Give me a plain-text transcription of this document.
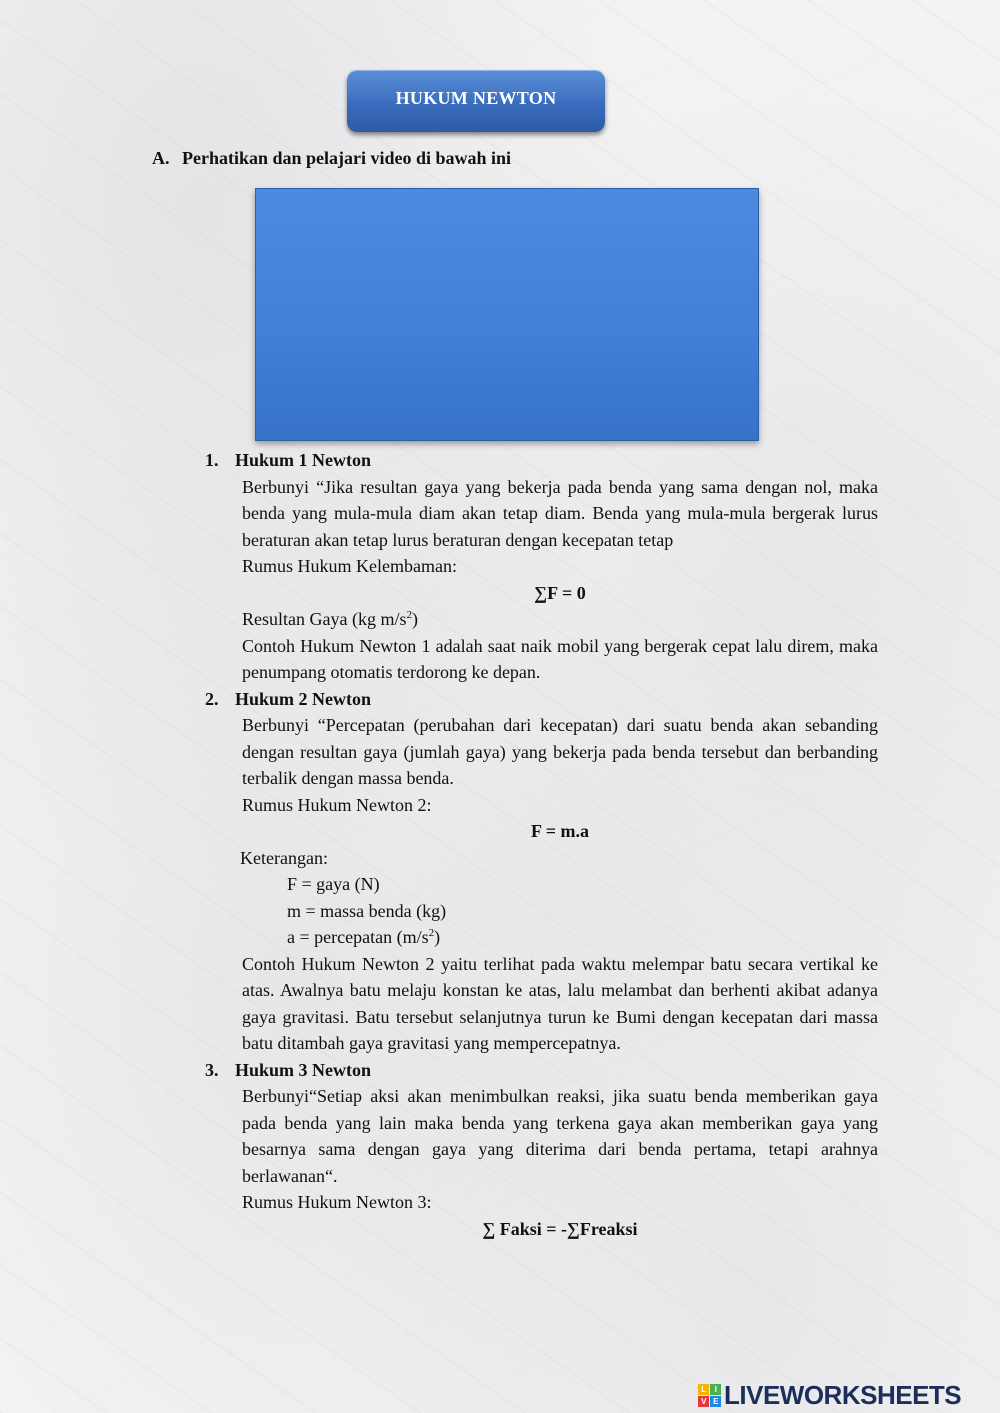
HUKUM NEWTON
A. Perhatikan dan pelajari video di bawah ini
1. Hukum 1 Newton
Berbunyi “Jika resultan gaya yang bekerja pada benda yang sama dengan nol, maka benda yang mula-mula diam akan tetap diam. Benda yang mula-mula bergerak lurus beraturan akan tetap lurus beraturan dengan kecepatan tetap
Rumus Hukum Kelembaman:
∑F = 0
Resultan Gaya (kg $m/s^2$)
Contoh Hukum Newton 1 adalah saat naik mobil yang bergerak cepat lalu direm, maka penumpang otomatis terdorong ke depan.
2. Hukum 2 Newton
Berbunyi “Percepatan (perubahan dari kecepatan) dari suatu benda akan sebanding dengan resultan gaya (jumlah gaya) yang bekerja pada benda tersebut dan berbanding terbalik dengan massa benda.
Rumus Hukum Newton 2:
F = m.a
Keterangan:
F = gaya (N)
m = massa benda (kg)
a = percepatan $(m/s^2)$
Contoh Hukum Newton 2 yaitu terlihat pada waktu melempar batu secara vertikal ke atas. Awalnya batu melaju konstan ke atas, lalu melambat dan berhenti akibat adanya gaya gravitasi. Batu tersebut selanjutnya turun ke Bumi dengan kecepatan dari massa batu ditambah gaya gravitasi yang mempercepatnya.
3. Hukum 3 Newton
Berbunyi“Setiap aksi akan menimbulkan reaksi, jika suatu benda memberikan gaya pada benda yang lain maka benda yang terkena gaya akan memberikan gaya yang besarnya sama dengan gaya yang diterima dari benda pertama, tetapi arahnya berlawanan“.
Rumus Hukum Newton 3:
∑ Faksi = -∑Freaksi
L	I
V E LIVEWORKSHEETS
